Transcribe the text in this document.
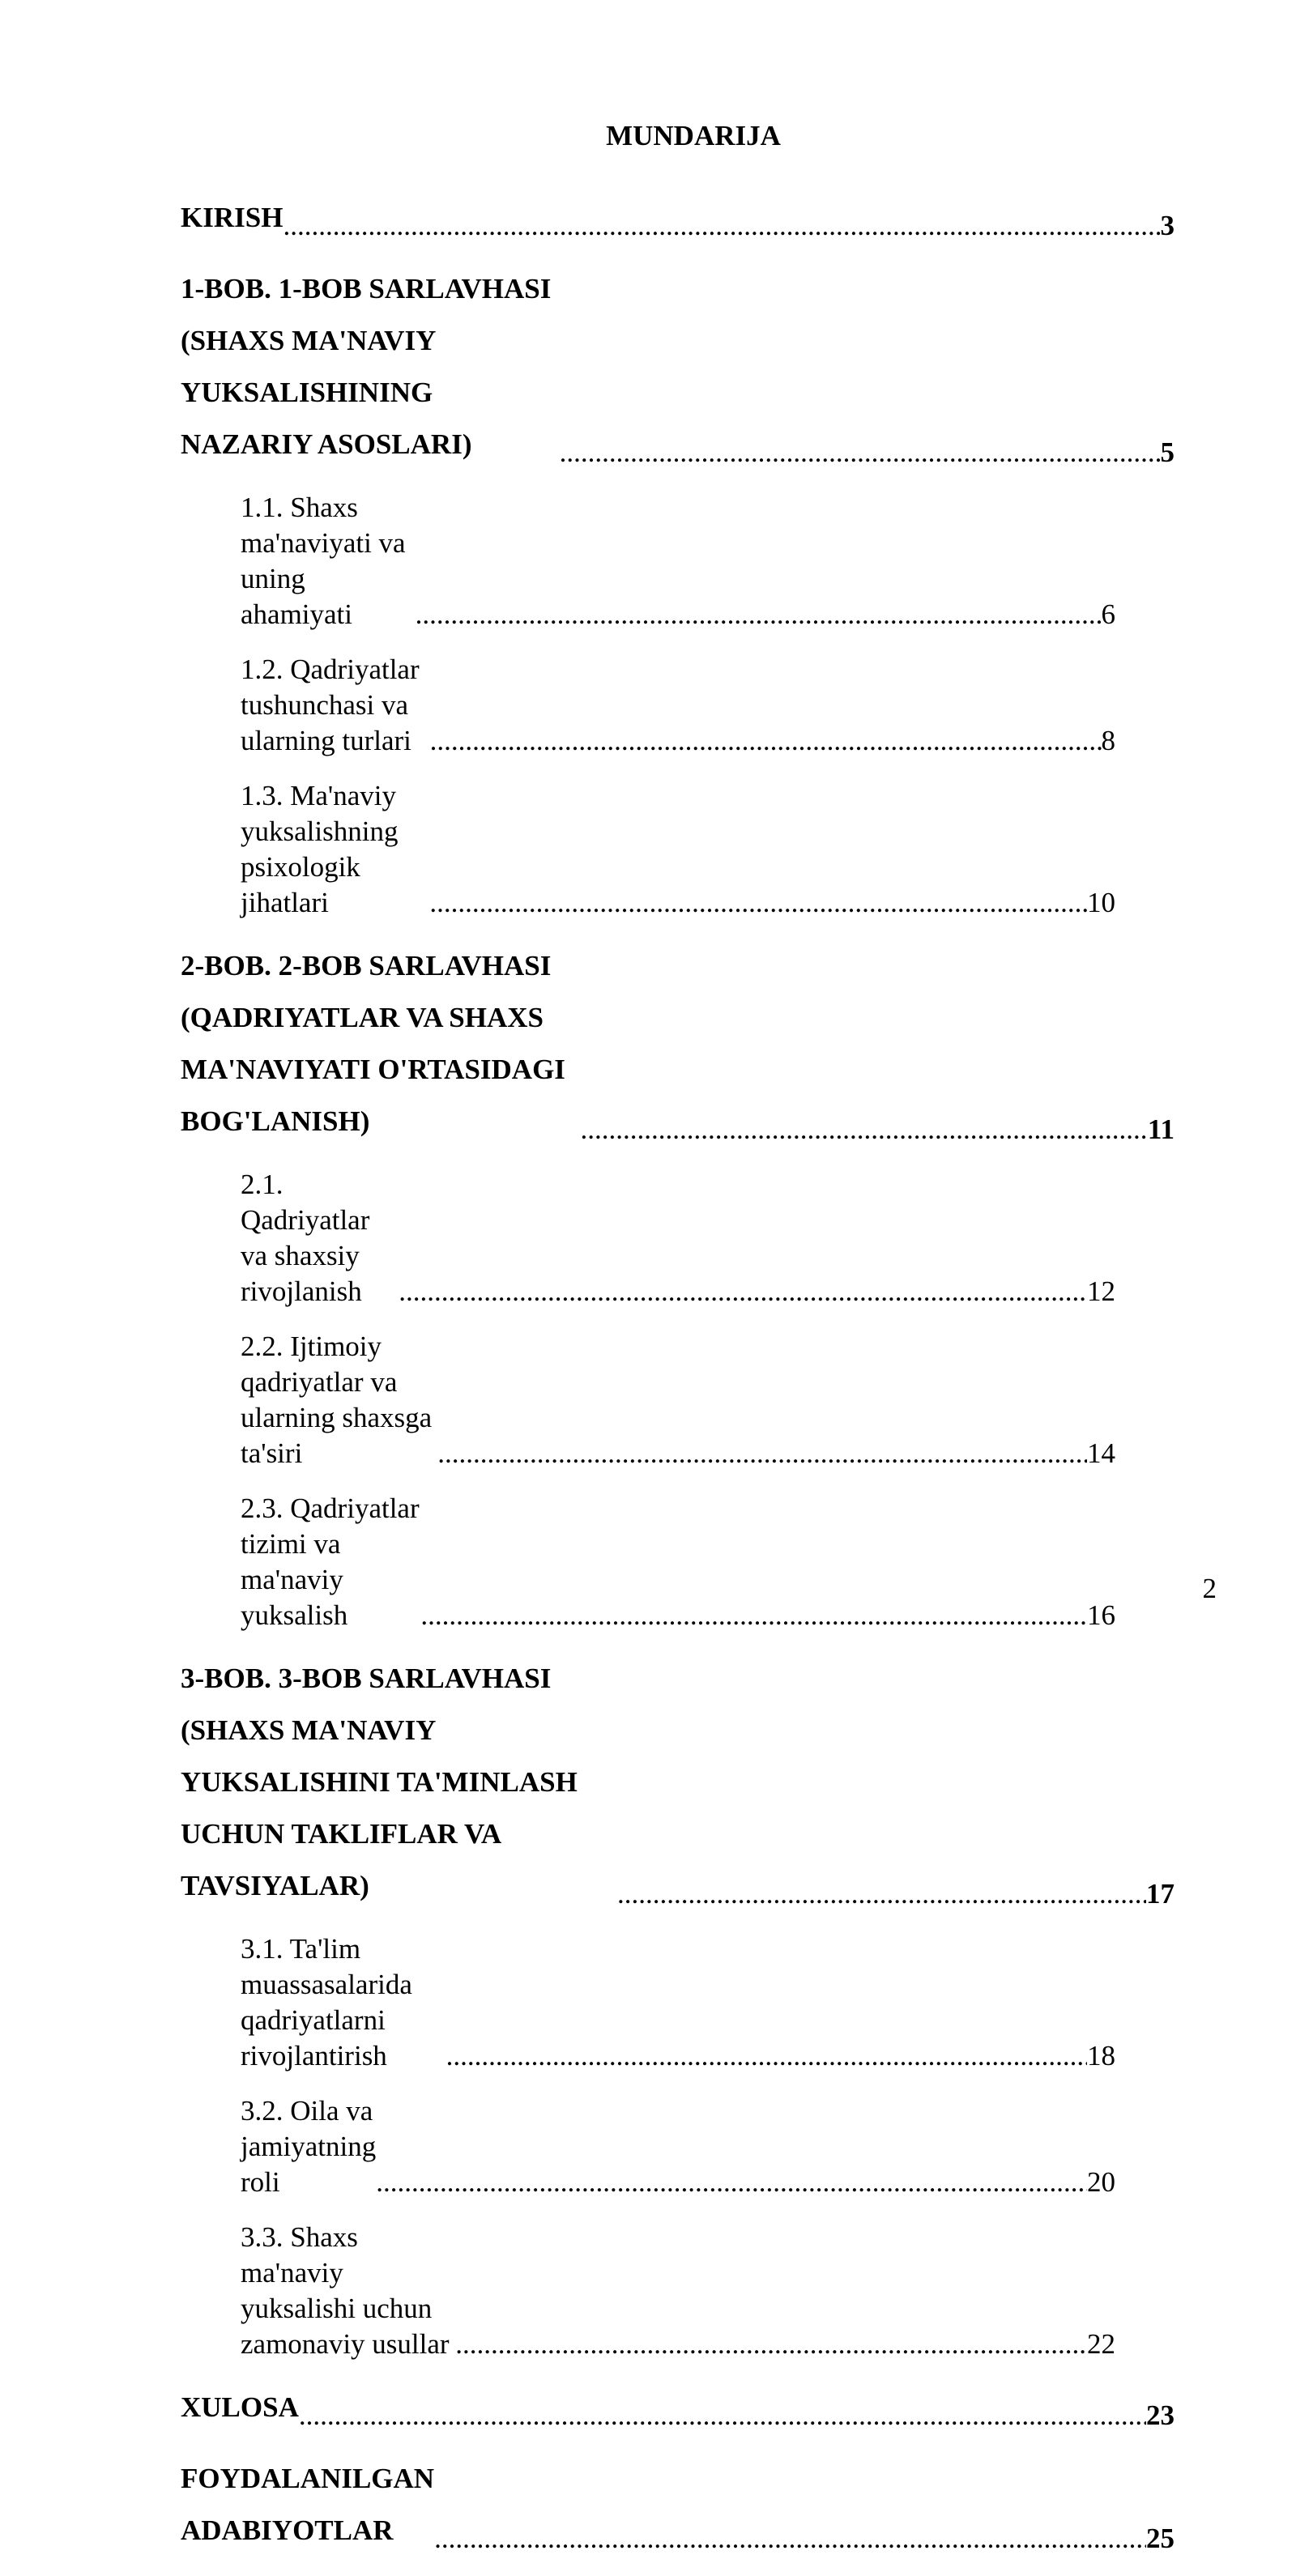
MUNDARIJA
KIRISH .....	3
1-BOB. 1-BOB SARLAVHASI (SHAXS MA'NAVIY YUKSALISHINING NAZARIY ASOSLARI) .....	5
1.1. Shaxs ma'naviyati va uning ahamiyati .....	6
1.2. Qadriyatlar tushunchasi va ularning turlari .....	8
1.3. Ma'naviy yuksalishning psixologik jihatlari .....	10
2-BOB. 2-BOB SARLAVHASI (QADRIYATLAR VA SHAXS MA'NAVIYATI O'RTASIDAGI BOG'LANISH) .....	11
2.1. Qadriyatlar va shaxsiy rivojlanish .....	12
2.2. Ijtimoiy qadriyatlar va ularning shaxsga ta'siri .....	14
2.3. Qadriyatlar tizimi va ma'naviy yuksalish .....	16
3-BOB. 3-BOB SARLAVHASI (SHAXS MA'NAVIY YUKSALISHINI TA'MINLASH UCHUN TAKLIFLAR VA TAVSIYALAR) .....	17
3.1. Ta'lim muassasalarida qadriyatlarni rivojlantirish .....	18
3.2. Oila va jamiyatning roli .....	20
3.3. Shaxs ma'naviy yuksalishi uchun zamonaviy usullar .....	22
XULOSA .....	23
FOYDALANILGAN ADABIYOTLAR .....	25
2
